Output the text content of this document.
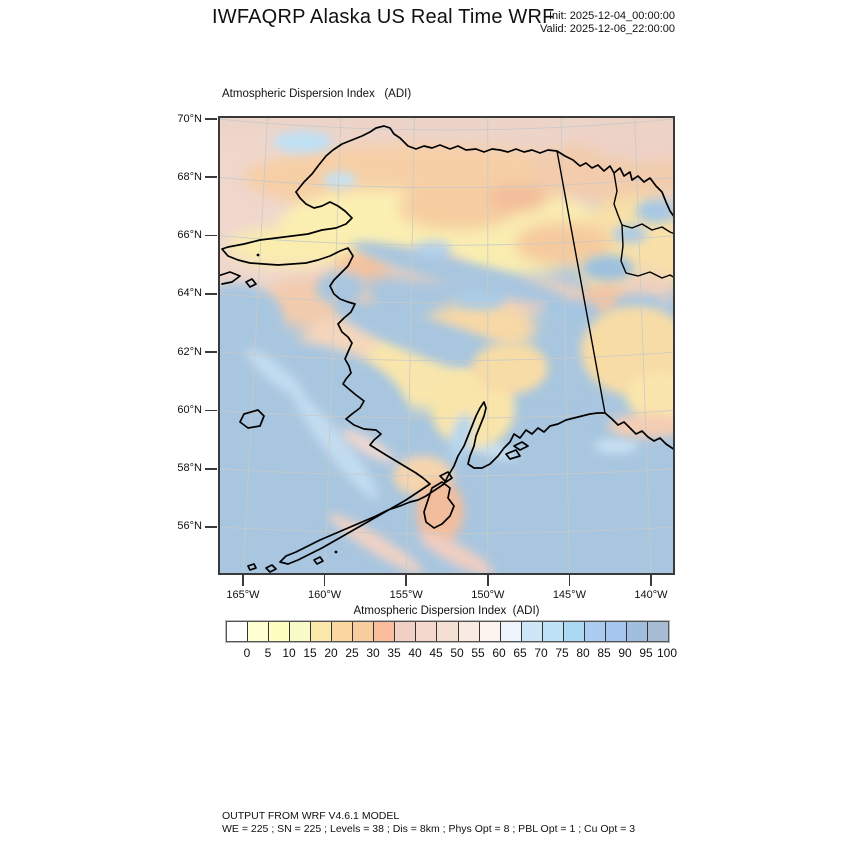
IWFAQRP Alaska US Real Time WRF
Init: 2025-12-04_00:00:00
Valid: 2025-12-06_22:00:00
Atmospheric Dispersion Index   (ADI)
70°N
68°N
66°N
64°N
62°N
60°N
58°N
56°N
165°W	160°W	155°W	150°W	145°W	140°W
Atmospheric Dispersion Index  (ADI)
0	5 10 15 20 25 30 35 40 45 50 55 60 65 70 75 80 85 90 95 100
OUTPUT FROM WRF V4.6.1 MODEL
WE = 225 ; SN = 225 ; Levels = 38 ; Dis = 8km ; Phys Opt = 8 ; PBL Opt = 1 ; Cu Opt = 3
